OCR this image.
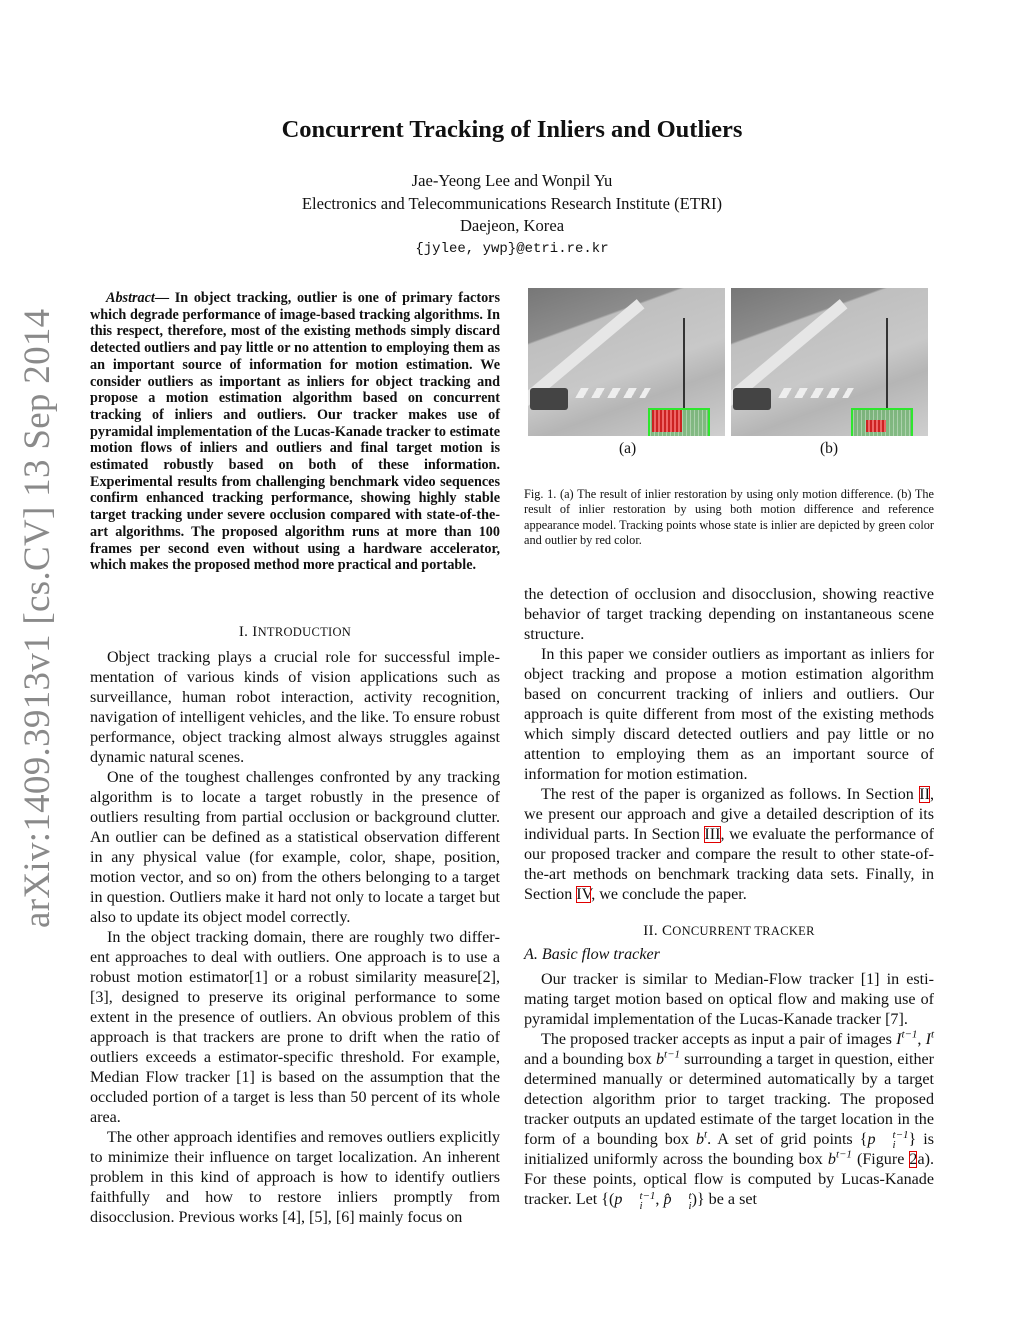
arXiv:1409.3913v1 [cs.CV] 13 Sep 2014
Concurrent Tracking of Inliers and Outliers
Jae-Yeong Lee and Wonpil Yu
Electronics and Telecommunications Research Institute (ETRI)
Daejeon, Korea
{jylee, ywp}@etri.re.kr
Abstract— In object tracking, outlier is one of primary factors which degrade performance of image-based tracking algorithms. In this respect, therefore, most of the existing methods simply discard detected outliers and pay little or no attention to employing them as an important source of information for motion estimation. We consider outliers as important as inliers for object tracking and propose a motion estimation algorithm based on concurrent tracking of inliers and outliers. Our tracker makes use of pyramidal implementation of the Lucas-Kanade tracker to estimate motion flows of inliers and outliers and final target motion is estimated robustly based on both of these information. Experimental results from challenging benchmark video sequences confirm enhanced tracking performance, showing highly stable target tracking under severe occlusion compared with state-of-the-art algorithms. The proposed algorithm runs at more than 100 frames per second even without using a hardware accelerator, which makes the proposed method more practical and portable.
I. INTRODUCTION

Object tracking plays a crucial role for successful implementation of various kinds of vision applications such as surveillance, human robot interaction, activity recognition, navigation of intelligent vehicles, and the like. To ensure robust performance, object tracking almost always struggles against dynamic natural scenes.

One of the toughest challenges confronted by any tracking algorithm is to locate a target robustly in the presence of outliers resulting from partial occlusion or background clutter. An outlier can be defined as a statistical observation different in any physical value (for example, color, shape, position, motion vector, and so on) from the others belonging to a target in question. Outliers make it hard not only to locate a target but also to update its object model correctly.

In the object tracking domain, there are roughly two different approaches to deal with outliers. One approach is to use a robust motion estimator[1] or a robust similarity measure[2], [3], designed to preserve its original performance to some extent in the presence of outliers. An obvious problem of this approach is that trackers are prone to drift when the ratio of outliers exceeds a estimator-specific threshold. For example, Median Flow tracker [1] is based on the assumption that the occluded portion of a target is less than 50 percent of its whole area.

The other approach identifies and removes outliers explicitly to minimize their influence on target localization. An inherent problem in this kind of approach is how to identify outliers faithfully and how to restore inliers promptly from disocclusion. Previous works [4], [5], [6] mainly focus on

(a)	(b)
Fig. 1. (a) The result of inlier restoration by using only motion difference. (b) The result of inlier restoration by using both motion difference and reference appearance model. Tracking points whose state is inlier are depicted by green color and outlier by red color.

the detection of occlusion and disocclusion, showing reactive behavior of target tracking depending on instantaneous scene structure.

In this paper we consider outliers as important as inliers for object tracking and propose a motion estimation algorithm based on concurrent tracking of inliers and outliers. Our approach is quite different from most of the existing methods which simply discard detected outliers and pay little or no attention to employing them as an important source of information for motion estimation.

The rest of the paper is organized as follows. In Section II, we present our approach and give a detailed description of its individual parts. In Section III, we evaluate the performance of our proposed tracker and compare the result to other state-of-the-art methods on benchmark tracking data sets. Finally, in Section IV, we conclude the paper.

II. CONCURRENT TRACKER
A. Basic flow tracker

Our tracker is similar to Median-Flow tracker [1] in estimating target motion based on optical flow and making use of pyramidal implementation of the Lucas-Kanade tracker [7].

The proposed tracker accepts as input a pair of images $I^{t-1}$, $I^t$ and a bounding box $b^{t-1}$ surrounding a target in question, either determined manually or determined automatically by a target detection algorithm prior to target tracking. The proposed tracker outputs an updated estimate of the target location in the form of a bounding box $b^t$. A set of grid points {p	t−1
i } is initialized uniformly across the bounding box $b^{t-1}$ (Figure 2a). For these points, optical flow is computed by Lucas-Kanade tracker. Let {(p	t−1
i , p̂	t
i )} be a set
